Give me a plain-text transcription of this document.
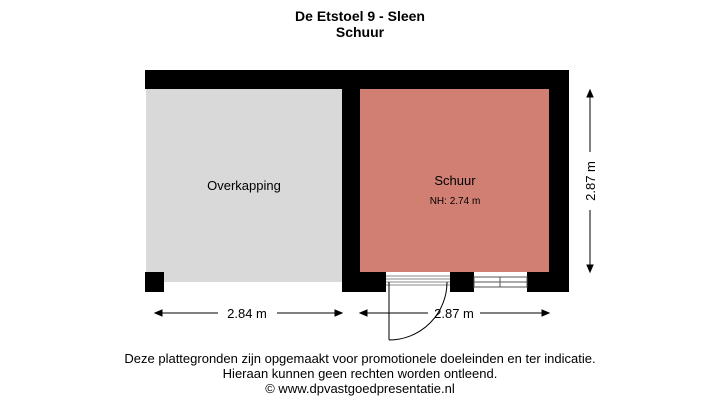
De Etstoel 9 - Sleen
Schuur
Overkapping	Schuur
NH: 2.74 m
2.84 m	2.87 m
2.87 m
Deze plattegronden zijn opgemaakt voor promotionele doeleinden en ter indicatie.
Hieraan kunnen geen rechten worden ontleend.
© www.dpvastgoedpresentatie.nl
